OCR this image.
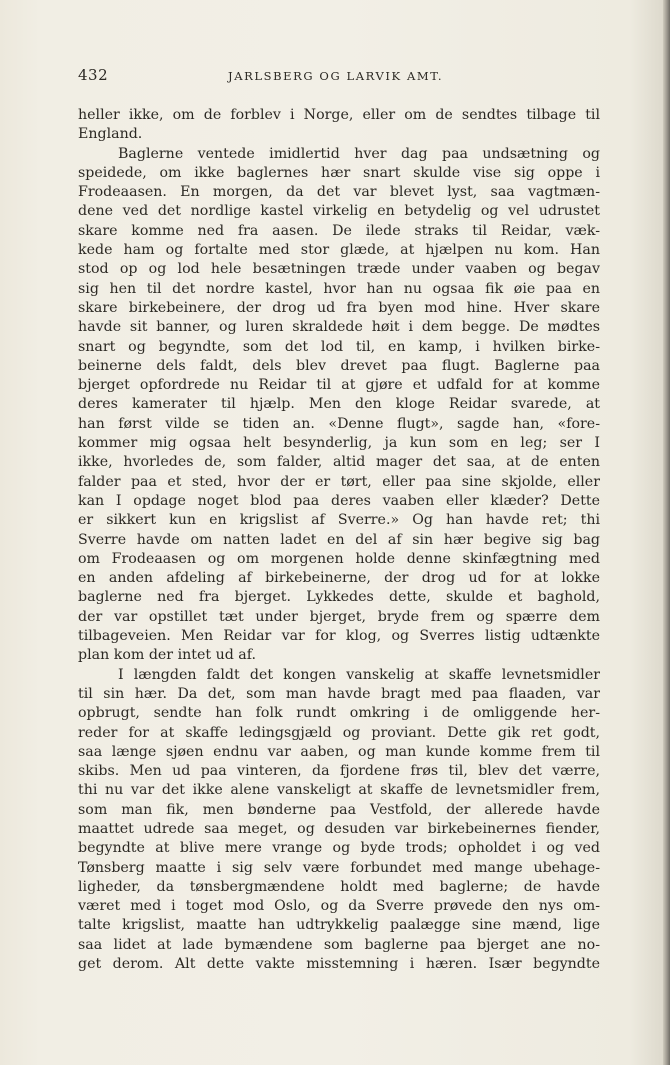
432	JARLSBERG OG LARVIK AMT.
heller ikke, om de forblev i Norge, eller om de sendtes tilbage til
England.
Baglerne ventede imidlertid hver dag paa undsætning og
speidede, om ikke baglernes hær snart skulde vise sig oppe i
Frodeaasen. En morgen, da det var blevet lyst, saa vagtmæn-
dene ved det nordlige kastel virkelig en betydelig og vel udrustet
skare komme ned fra aasen. De ilede straks til Reidar, væk-
kede ham og fortalte med stor glæde, at hjælpen nu kom. Han
stod op og lod hele besætningen træde under vaaben og begav
sig hen til det nordre kastel, hvor han nu ogsaa fik øie paa en
skare birkebeinere, der drog ud fra byen mod hine. Hver skare
havde sit banner, og luren skraldede høit i dem begge. De mødtes
snart og begyndte, som det lod til, en kamp, i hvilken birke-
beinerne dels faldt, dels blev drevet paa flugt. Baglerne paa
bjerget opfordrede nu Reidar til at gjøre et udfald for at komme
deres kamerater til hjælp. Men den kloge Reidar svarede, at
han først vilde se tiden an. «Denne flugt», sagde han, «fore-
kommer mig ogsaa helt besynderlig, ja kun som en leg; ser I
ikke, hvorledes de, som falder, altid mager det saa, at de enten
falder paa et sted, hvor der er tørt, eller paa sine skjolde, eller
kan I opdage noget blod paa deres vaaben eller klæder? Dette
er sikkert kun en krigslist af Sverre.» Og han havde ret; thi
Sverre havde om natten ladet en del af sin hær begive sig bag
om Frodeaasen og om morgenen holde denne skinfægtning med
en anden afdeling af birkebeinerne, der drog ud for at lokke
baglerne ned fra bjerget. Lykkedes dette, skulde et baghold,
der var opstillet tæt under bjerget, bryde frem og spærre dem
tilbageveien. Men Reidar var for klog, og Sverres listig udtænkte
plan kom der intet ud af.
I længden faldt det kongen vanskelig at skaffe levnetsmidler
til sin hær. Da det, som man havde bragt med paa flaaden, var
opbrugt, sendte han folk rundt omkring i de omliggende her-
reder for at skaffe ledingsgjæld og proviant. Dette gik ret godt,
saa længe sjøen endnu var aaben, og man kunde komme frem til
skibs. Men ud paa vinteren, da fjordene frøs til, blev det værre,
thi nu var det ikke alene vanskeligt at skaffe de levnetsmidler frem,
som man fik, men bønderne paa Vestfold, der allerede havde
maattet udrede saa meget, og desuden var birkebeinernes fiender,
begyndte at blive mere vrange og byde trods; opholdet i og ved
Tønsberg maatte i sig selv være forbundet med mange ubehage-
ligheder, da tønsbergmændene holdt med baglerne; de havde
været med i toget mod Oslo, og da Sverre prøvede den nys om-
talte krigslist, maatte han udtrykkelig paalægge sine mænd, lige
saa lidet at lade bymændene som baglerne paa bjerget ane no-
get derom. Alt dette vakte misstemning i hæren. Især begyndte
